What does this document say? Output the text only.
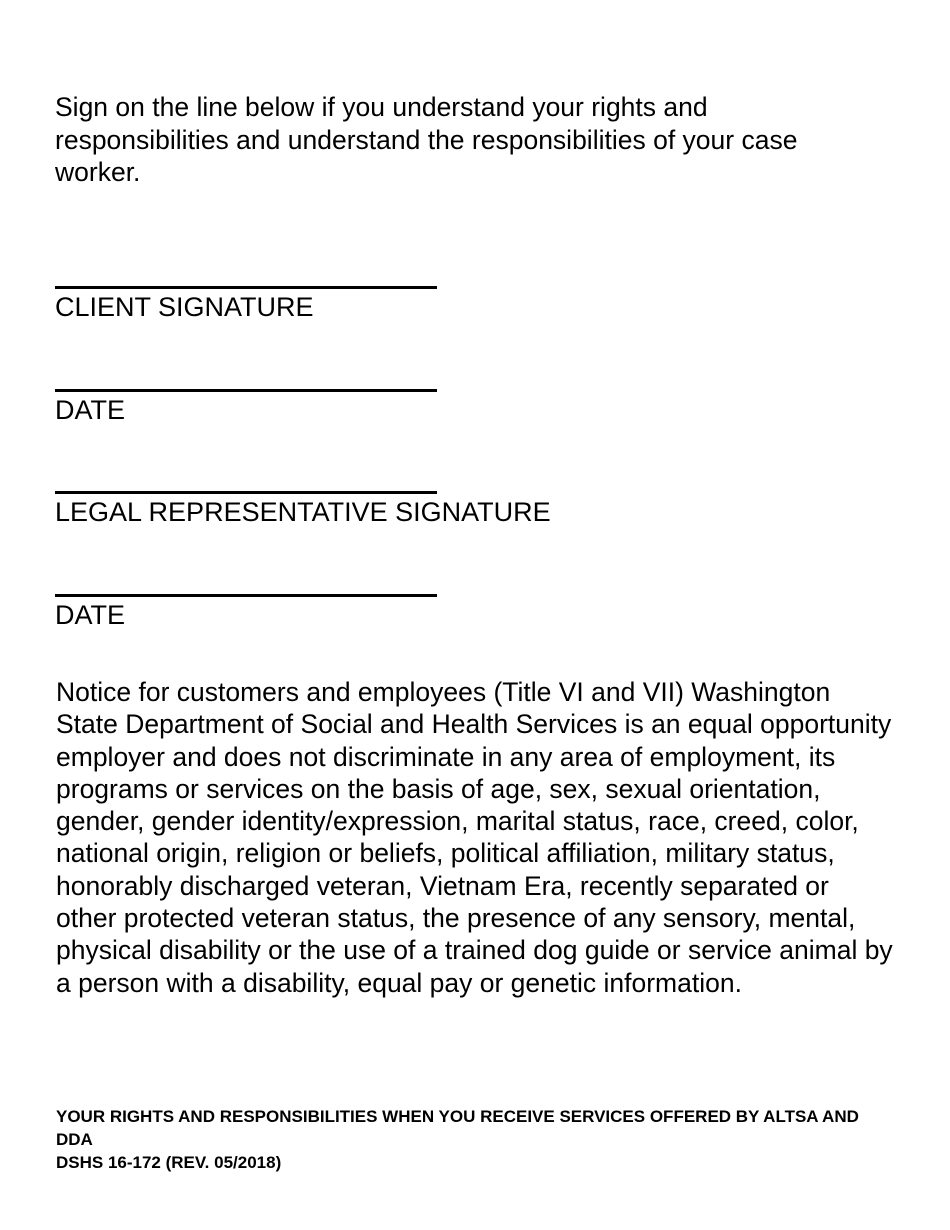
Sign on the line below if you understand your rights and responsibilities and understand the responsibilities of your case worker.

CLIENT SIGNATURE
DATE
LEGAL REPRESENTATIVE SIGNATURE
DATE

Notice for customers and employees (Title VI and VII) Washington State Department of Social and Health Services is an equal opportunity employer and does not discriminate in any area of employment, its programs or services on the basis of age, sex, sexual orientation, gender, gender identity/expression, marital status, race, creed, color, national origin, religion or beliefs, political affiliation, military status, honorably discharged veteran, Vietnam Era, recently separated or other protected veteran status, the presence of any sensory, mental, physical disability or the use of a trained dog guide or service animal by a person with a disability, equal pay or genetic information.

YOUR RIGHTS AND RESPONSIBILITIES WHEN YOU RECEIVE SERVICES OFFERED BY ALTSA AND DDA
DSHS 16-172 (REV. 05/2018)
